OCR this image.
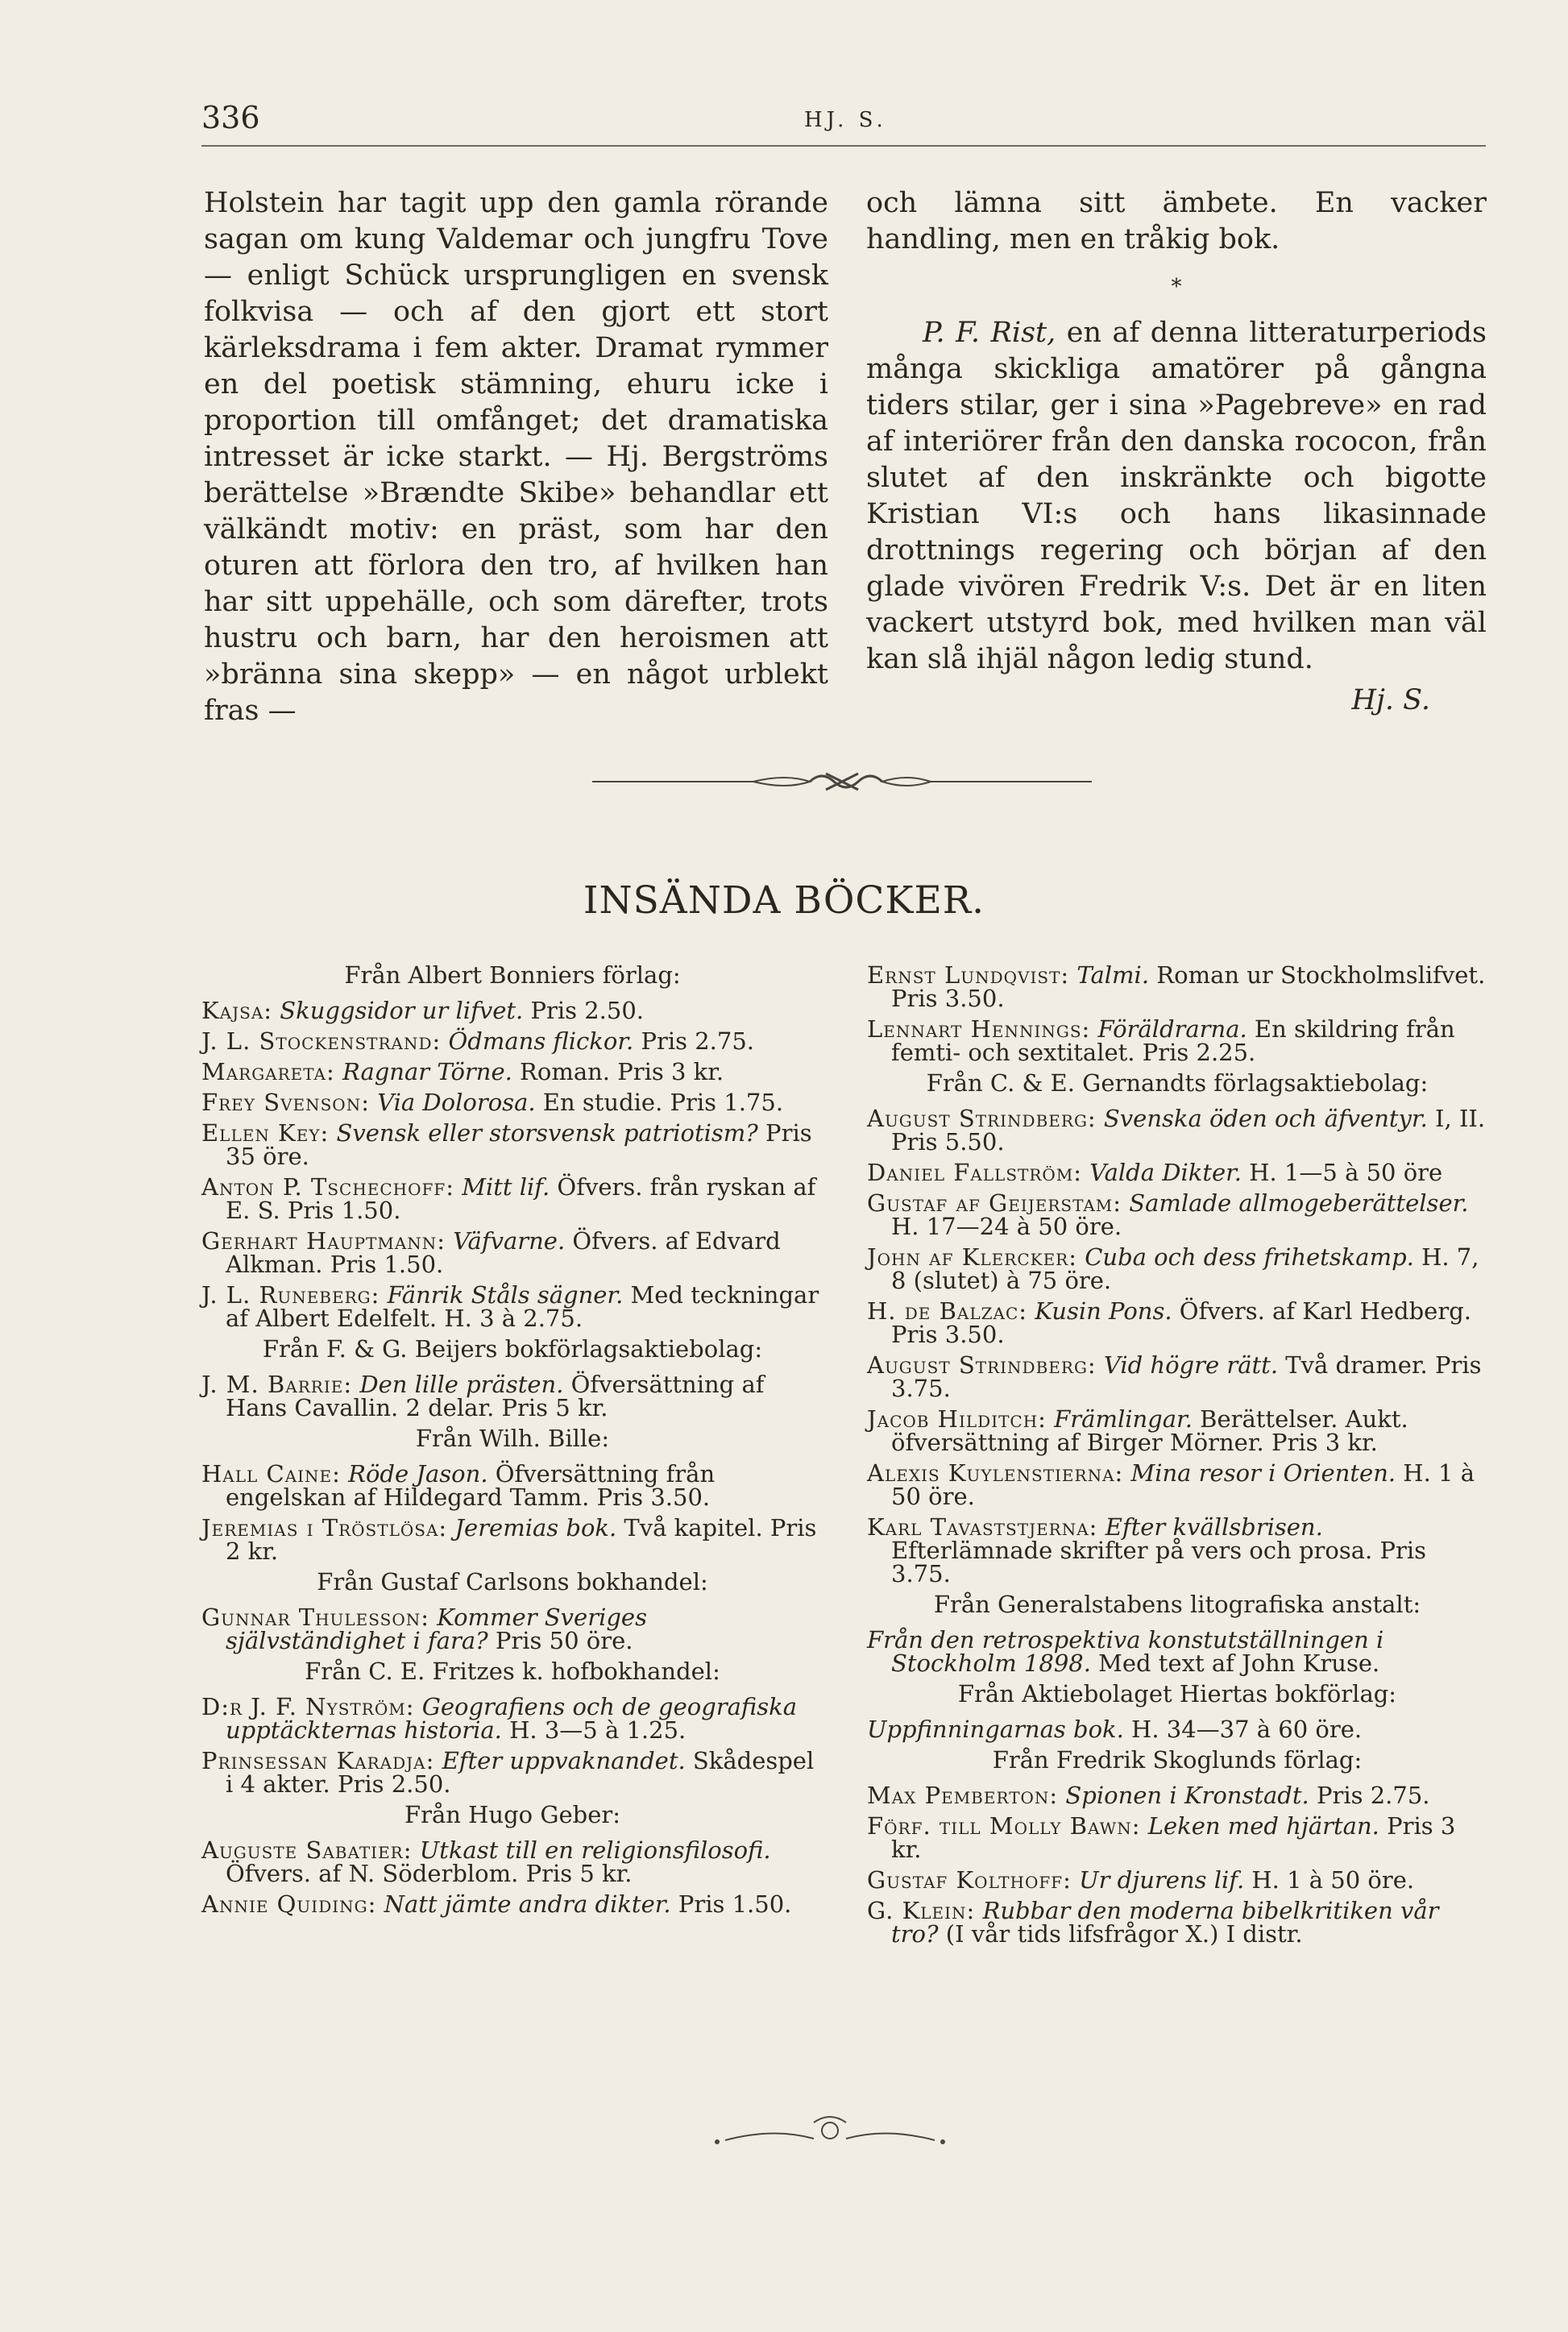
336	HJ. S.

Holstein har tagit upp den gamla rörande sagan om kung Valdemar och jungfru Tove — enligt Schück ursprungligen en svensk folkvisa — och af den gjort ett stort kärleksdrama i fem akter. Dramat rymmer en del poetisk stämning, ehuru icke i proportion till omfånget; det dramatiska intresset är icke starkt. — Hj. Bergströms berättelse »Brændte Skibe» behandlar ett välkändt motiv: en präst, som har den oturen att förlora den tro, af hvilken han har sitt uppehälle, och som därefter, trots hustru och barn, har den heroismen att »bränna sina skepp» — en något urblekt fras —

och lämna sitt ämbete. En vacker handling, men en tråkig bok.

*

P. F. Rist, en af denna litteraturperiods många skickliga amatörer på gångna tiders stilar, ger i sina »Pagebreve» en rad af interiörer från den danska rococon, från slutet af den inskränkte och bigotte Kristian VI:s och hans likasinnade drottnings regering och början af den glade vivören Fredrik V:s. Det är en liten vackert utstyrd bok, med hvilken man väl kan slå ihjäl någon ledig stund.

Hj. S.
INSÄNDA BÖCKER.
Från Albert Bonniers förlag:
Kajsa: Skuggsidor ur lifvet. Pris 2.50.
J. L. Stockenstrand: Ödmans flickor. Pris 2.75.
Margareta: Ragnar Törne. Roman. Pris 3 kr.
Frey Svenson: Via Dolorosa. En studie. Pris 1.75.
Ellen Key: Svensk eller storsvensk patriotism? Pris 35 öre.
Anton P. Tschechoff: Mitt lif. Öfvers. från ryskan af E. S. Pris 1.50.
Gerhart Hauptmann: Väfvarne. Öfvers. af Edvard Alkman. Pris 1.50.
J. L. Runeberg: Fänrik Ståls sägner. Med teckningar af Albert Edelfelt. H. 3 à 2.75.
Från F. & G. Beijers bokförlagsaktiebolag:
J. M. Barrie: Den lille prästen. Öfversättning af Hans Cavallin. 2 delar. Pris 5 kr.
Från Wilh. Bille:
Hall Caine: Röde Jason. Öfversättning från engelskan af Hildegard Tamm. Pris 3.50.
Jeremias i Tröstlösa: Jeremias bok. Två kapitel. Pris 2 kr.
Från Gustaf Carlsons bokhandel:
Gunnar Thulesson: Kommer Sveriges självständighet i fara? Pris 50 öre.
Från C. E. Fritzes k. hofbokhandel:
D:r J. F. Nyström: Geografiens och de geografiska upptäckternas historia. H. 3—5 à 1.25.
Prinsessan Karadja: Efter uppvaknandet. Skådespel i 4 akter. Pris 2.50.
Från Hugo Geber:
Auguste Sabatier: Utkast till en religionsfilosofi. Öfvers. af N. Söderblom. Pris 5 kr.
Annie Quiding: Natt jämte andra dikter. Pris 1.50.
Ernst Lundqvist: Talmi. Roman ur Stockholmslifvet. Pris 3.50.
Lennart Hennings: Föräldrarna. En skildring från femti- och sextitalet. Pris 2.25.
Från C. & E. Gernandts förlagsaktiebolag:
August Strindberg: Svenska öden och äfventyr. I, II. Pris 5.50.
Daniel Fallström: Valda Dikter. H. 1—5 à 50 öre
Gustaf af Geijerstam: Samlade allmogeberättelser. H. 17—24 à 50 öre.
John af Klercker: Cuba och dess frihetskamp. H. 7, 8 (slutet) à 75 öre.
H. de Balzac: Kusin Pons. Öfvers. af Karl Hedberg. Pris 3.50.
August Strindberg: Vid högre rätt. Två dramer. Pris 3.75.
Jacob Hilditch: Främlingar. Berättelser. Aukt. öfversättning af Birger Mörner. Pris 3 kr.
Alexis Kuylenstierna: Mina resor i Orienten. H. 1 à 50 öre.
Karl Tavaststjerna: Efter kvällsbrisen. Efterlämnade skrifter på vers och prosa. Pris 3.75.
Från Generalstabens litografiska anstalt:
Från den retrospektiva konstutställningen i Stockholm 1898. Med text af John Kruse.
Från Aktiebolaget Hiertas bokförlag:
Uppfinningarnas bok. H. 34—37 à 60 öre.
Från Fredrik Skoglunds förlag:
Max Pemberton: Spionen i Kronstadt. Pris 2.75.
Förf. till Molly Bawn: Leken med hjärtan. Pris 3 kr.
Gustaf Kolthoff: Ur djurens lif. H. 1 à 50 öre.
G. Klein: Rubbar den moderna bibelkritiken vår tro? (I vår tids lifsfrågor X.) I distr.
